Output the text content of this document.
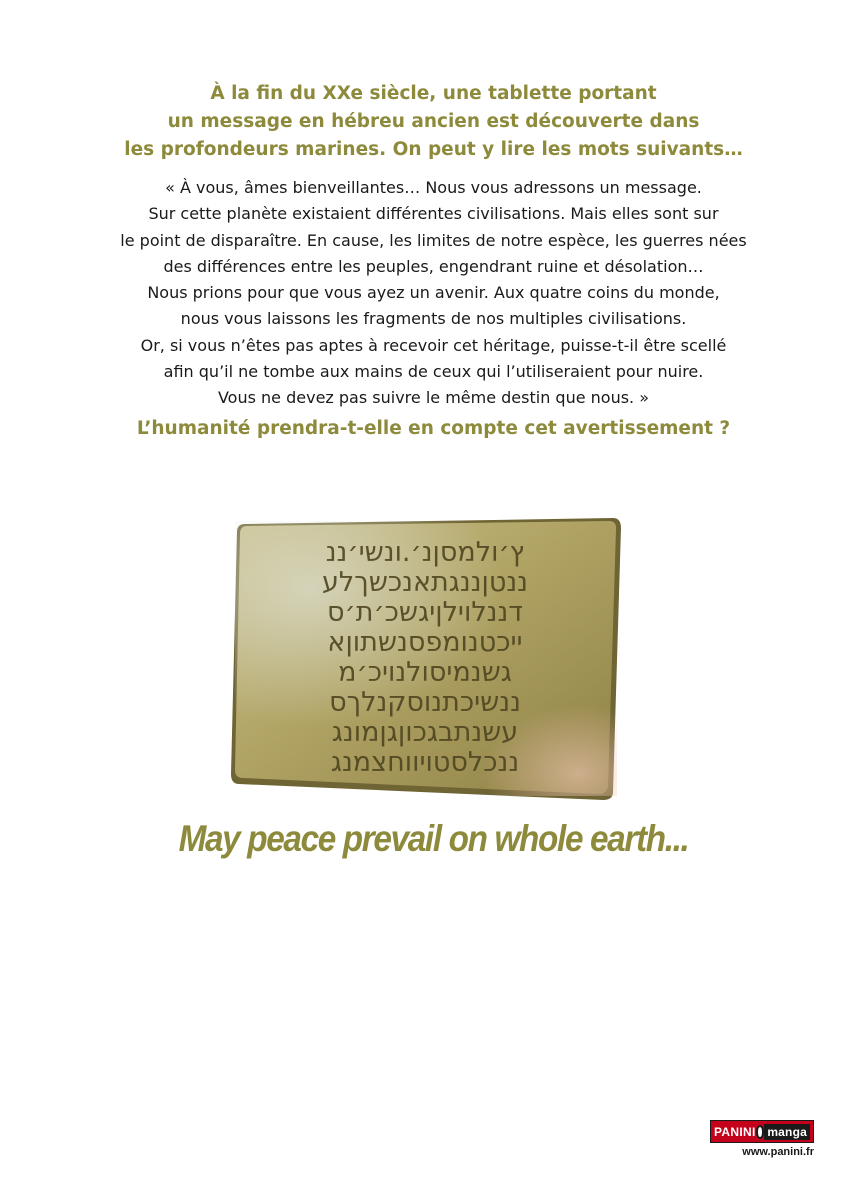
À la fin du XXe siècle, une tablette portant

un message en hébreu ancien est découverte dans

les profondeurs marines. On peut y lire les mots suivants…

« À vous, âmes bienveillantes… Nous vous adressons un message.

Sur cette planète existaient différentes civilisations. Mais elles sont sur

le point de disparaître. En cause, les limites de notre espèce, les guerres nées

des différences entre les peuples, engendrant ruine et désolation…

Nous prions pour que vous ayez un avenir. Aux quatre coins du monde,

nous vous laissons les fragments de nos multiples civilisations.

Or, si vous n’êtes pas aptes à recevoir cet héritage, puisse-t-il être scellé

afin qu’il ne tombe aux mains de ceux qui l’utiliseraient pour nuire.

Vous ne devez pas suivre le même destin que nous. »

L’humanité prendra-t-elle en compte cet avertissement ?
ץ׳ולמסןנ׳.ונשי׳ננ
ננטןננגתאנכשךלע
דננלוילןיגשכ׳ת׳ס
ייכטנומפסנשתוןא
גשנמיסולנויכ׳מ
ננשיכתנוסקנלךס
עשנתבגכוןגןמונג
ננכלסטויווחצמנג
May peace prevail on whole earth...
PANINI manga
www.panini.fr
